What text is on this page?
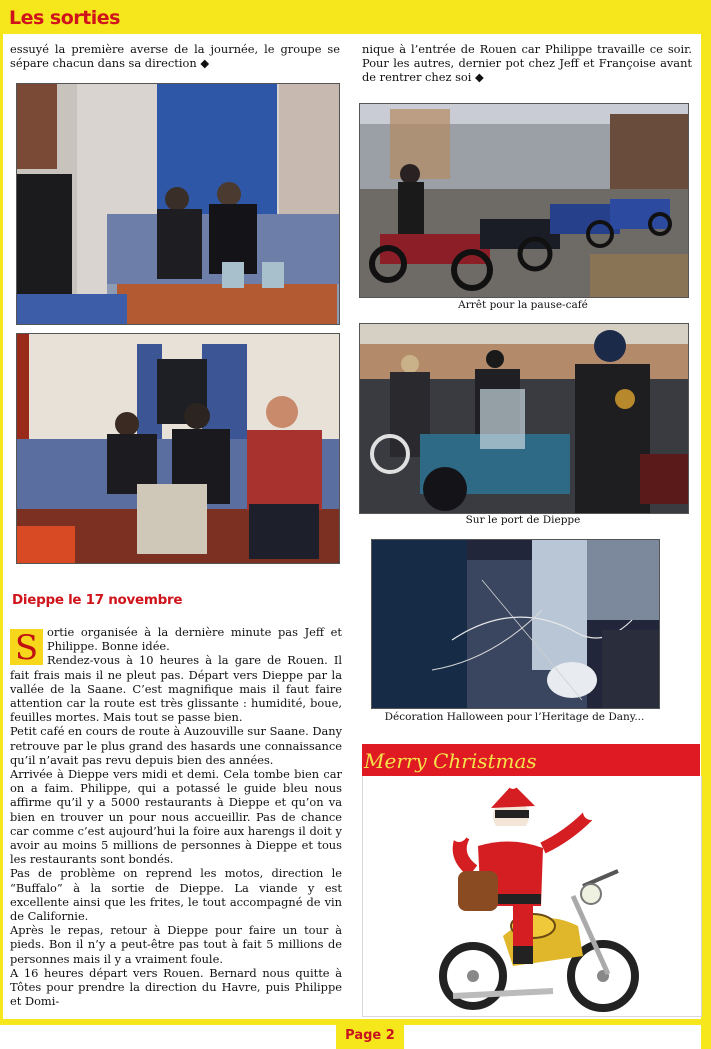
Les sorties

essuyé la première averse de la journée, le groupe se sépare chacun dans sa direction ◆

nique à l’entrée de Rouen car Philippe travaille ce soir. Pour les autres, dernier pot chez Jeff et Françoise avant de rentrer chez soi ◆

Arrêt pour la pause-café
Sur le port de Dieppe
Décoration Halloween pour l’Heritage de Dany...
Dieppe le 17 novembre
S ortie organisée à la dernière minute pas Jeff et Philippe. Bonne idée.

Rendez-vous à 10 heures à la gare de Rouen. Il fait frais mais il ne pleut pas. Départ vers Dieppe par la vallée de la Saane. C’est magnifique mais il faut faire attention car la route est très glissante : humidité, boue, feuilles mortes. Mais tout se passe bien.

Petit café en cours de route à Auzouville sur Saane. Dany retrouve par le plus grand des hasards une connaissance qu’il n’avait pas revu depuis bien des années.

Arrivée à Dieppe vers midi et demi. Cela tombe bien car on a faim. Philippe, qui a potassé le guide bleu nous affirme qu’il y a 5000 restaurants à Dieppe et qu’on va bien en trouver un pour nous accueillir. Pas de chance car comme c’est aujourd’hui la foire aux harengs il doit y avoir au moins 5 millions de personnes à Dieppe et tous les restaurants sont bondés.

Pas de problème on reprend les motos, direction le “Buffalo” à la sortie de Dieppe. La viande y est excellente ainsi que les frites, le tout accompagné de vin de Californie.

Après le repas, retour à Dieppe pour faire un tour à pieds. Bon il n’y a peut-être pas tout à fait 5 millions de personnes mais il y a vraiment foule.

A 16 heures départ vers Rouen. Bernard nous quitte à Tôtes pour prendre la direction du Havre, puis Philippe et Domi-

Merry Christmas
Page 2
